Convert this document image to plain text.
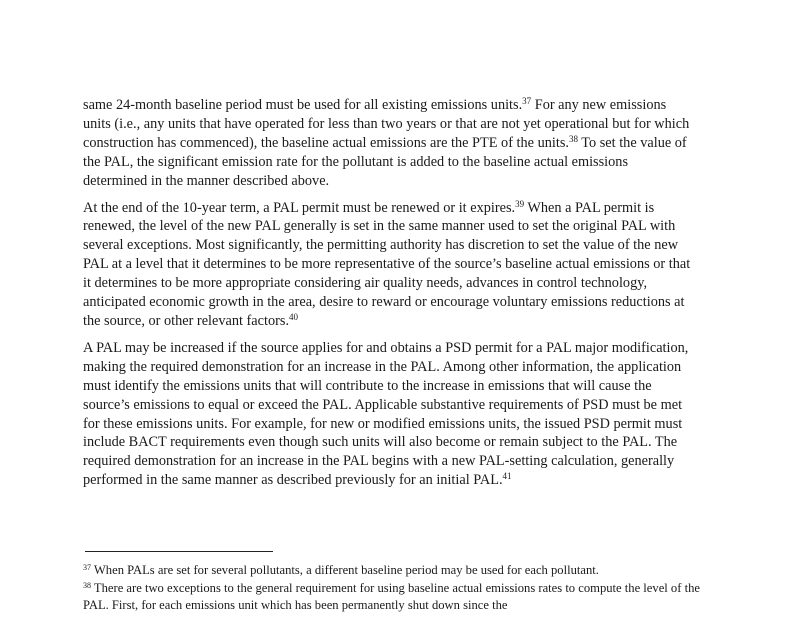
same 24-month baseline period must be used for all existing emissions units.$^{37}$ For any new emissions units (i.e., any units that have operated for less than two years or that are not yet operational but for which construction has commenced), the baseline actual emissions are the PTE of the units.$^{38}$ To set the value of the PAL, the significant emission rate for the pollutant is added to the baseline actual emissions determined in the manner described above.

At the end of the 10-year term, a PAL permit must be renewed or it expires.$^{39}$ When a PAL permit is renewed, the level of the new PAL generally is set in the same manner used to set the original PAL with several exceptions. Most significantly, the permitting authority has discretion to set the value of the new PAL at a level that it determines to be more representative of the source’s baseline actual emissions or that it determines to be more appropriate considering air quality needs, advances in control technology, anticipated economic growth in the area, desire to reward or encourage voluntary emissions reductions at the source, or other relevant factors.$^{40}$

A PAL may be increased if the source applies for and obtains a PSD permit for a PAL major modification, making the required demonstration for an increase in the PAL. Among other information, the application must identify the emissions units that will contribute to the increase in emissions that will cause the source’s emissions to equal or exceed the PAL. Applicable substantive requirements of PSD must be met for these emissions units. For example, for new or modified emissions units, the issued PSD permit must include BACT requirements even though such units will also become or remain subject to the PAL. The required demonstration for an increase in the PAL begins with a new PAL-setting calculation, generally performed in the same manner as described previously for an initial PAL.$^{41}$

$^{37}$ When PALs are set for several pollutants, a different baseline period may be used for each pollutant.

$^{38}$ There are two exceptions to the general requirement for using baseline actual emissions rates to compute the level of the PAL. First, for each emissions unit which has been permanently shut down since the
